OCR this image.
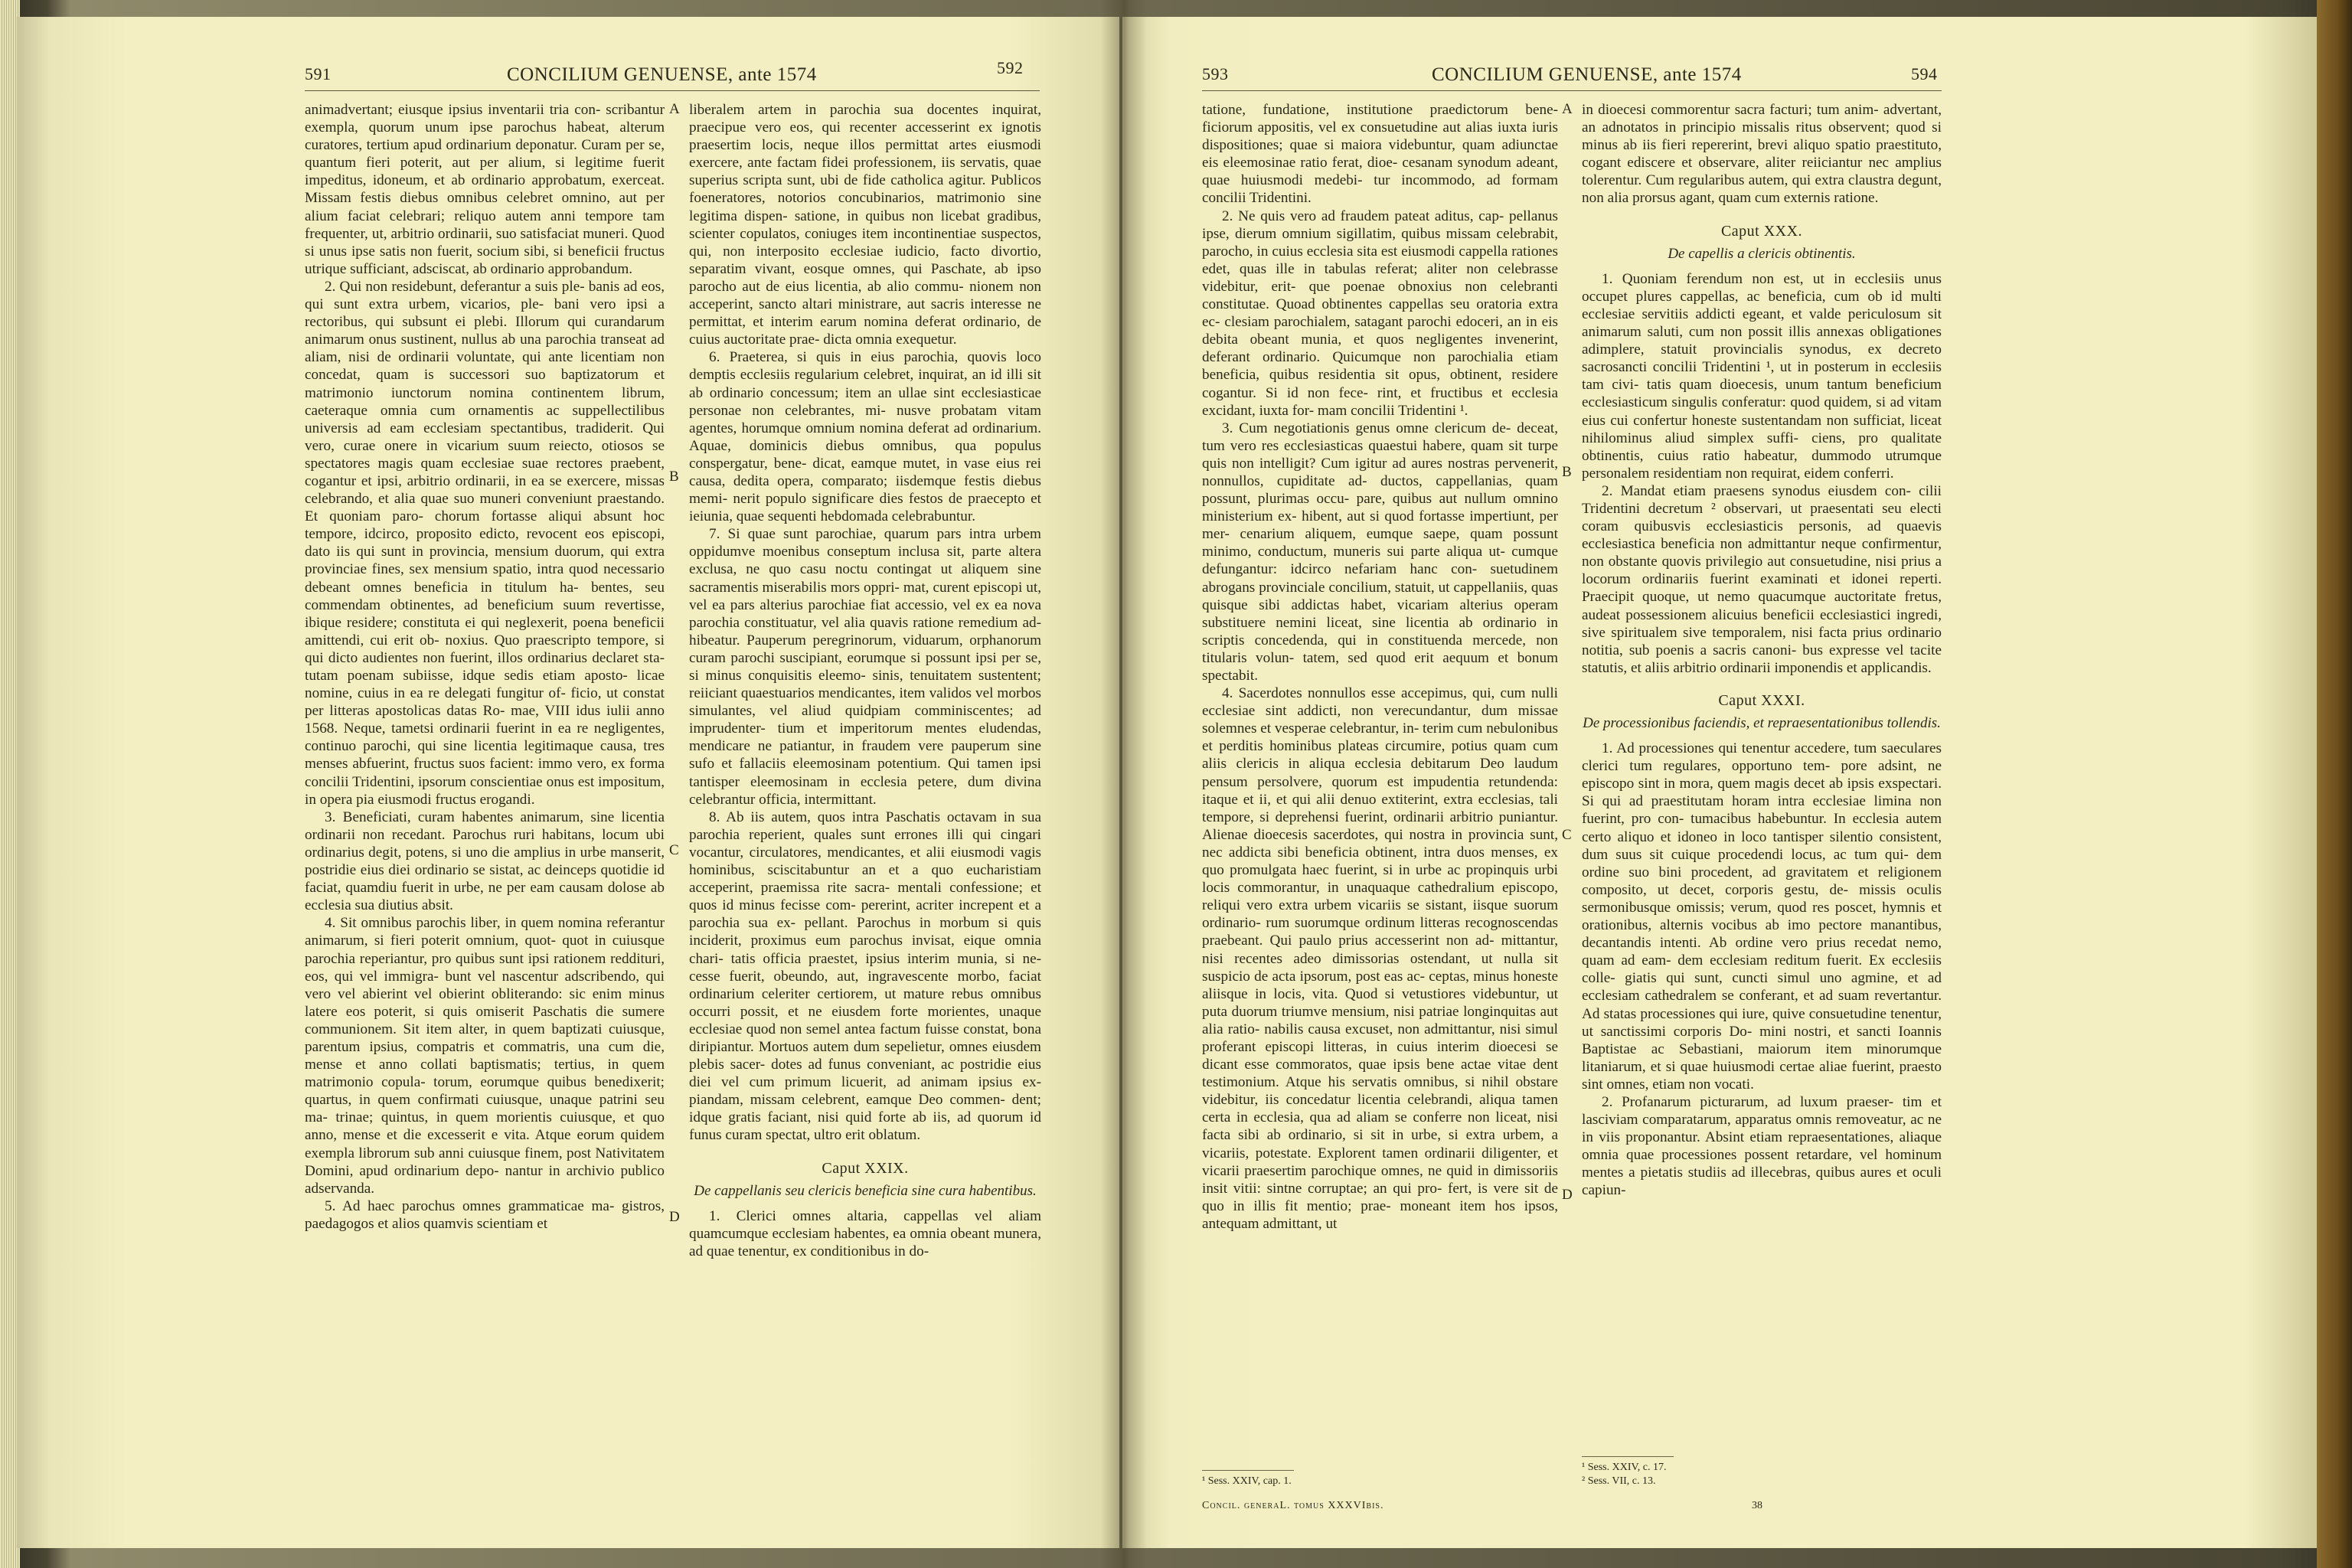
591	CONCILIUM GENUENSE, ante 1574	592

animadvertant; eiusque ipsius inventarii tria con- scribantur exempla, quorum unum ipse parochus habeat, alterum curatores, tertium apud ordinarium deponatur. Curam per se, quantum fieri poterit, aut per alium, si legitime fuerit impeditus, idoneum, et ab ordinario approbatum, exerceat. Missam festis diebus omnibus celebret omnino, aut per alium faciat celebrari; reliquo autem anni tempore tam frequenter, ut, arbitrio ordinarii, suo satisfaciat muneri. Quod si unus ipse satis non fuerit, socium sibi, si beneficii fructus utrique sufficiant, adsciscat, ab ordinario approbandum.

2. Qui non residebunt, deferantur a suis ple- banis ad eos, qui sunt extra urbem, vicarios, ple- bani vero ipsi a rectoribus, qui subsunt ei plebi. Illorum qui curandarum animarum onus sustinent, nullus ab una parochia transeat ad aliam, nisi de ordinarii voluntate, qui ante licentiam non concedat, quam is successori suo baptizatorum et matrimonio iunctorum nomina continentem librum, caeteraque omnia cum ornamentis ac suppellectilibus universis ad eam ecclesiam spectantibus, tradiderit. Qui vero, curae onere in vicarium suum reiecto, otiosos se spectatores magis quam ecclesiae suae rectores praebent, cogantur et ipsi, arbitrio ordinarii, in ea se exercere, missas celebrando, et alia quae suo muneri conveniunt praestando. Et quoniam paro- chorum fortasse aliqui absunt hoc tempore, idcirco, proposito edicto, revocent eos episcopi, dato iis qui sunt in provincia, mensium duorum, qui extra provinciae fines, sex mensium spatio, intra quod necessario debeant omnes beneficia in titulum ha- bentes, seu commendam obtinentes, ad beneficium suum revertisse, ibique residere; constituta ei qui neglexerit, poena beneficii amittendi, cui erit ob- noxius. Quo praescripto tempore, si qui dicto audientes non fuerint, illos ordinarius declaret sta- tutam poenam subiisse, idque sedis etiam aposto- licae nomine, cuius in ea re delegati fungitur of- ficio, ut constat per litteras apostolicas datas Ro- mae, VIII idus iulii anno 1568. Neque, tametsi ordinarii fuerint in ea re negligentes, continuo parochi, qui sine licentia legitimaque causa, tres menses abfuerint, fructus suos facient: immo vero, ex forma concilii Tridentini, ipsorum conscientiae onus est impositum, in opera pia eiusmodi fructus erogandi.

3. Beneficiati, curam habentes animarum, sine licentia ordinarii non recedant. Parochus ruri habitans, locum ubi ordinarius degit, potens, si uno die amplius in urbe manserit, postridie eius diei ordinario se sistat, ac deinceps quotidie id faciat, quamdiu fuerit in urbe, ne per eam causam dolose ab ecclesia sua diutius absit.

4. Sit omnibus parochis liber, in quem nomina referantur animarum, si fieri poterit omnium, quot- quot in cuiusque parochia reperiantur, pro quibus sunt ipsi rationem reddituri, eos, qui vel immigra- bunt vel nascentur adscribendo, qui vero vel abierint vel obierint obliterando: sic enim minus latere eos poterit, si quis omiserit Paschatis die sumere communionem. Sit item alter, in quem baptizati cuiusque, parentum ipsius, compatris et commatris, una cum die, mense et anno collati baptismatis; tertius, in quem matrimonio copula- torum, eorumque quibus benedixerit; quartus, in quem confirmati cuiusque, unaque patrini seu ma- trinae; quintus, in quem morientis cuiusque, et quo anno, mense et die excesserit e vita. Atque eorum quidem exempla librorum sub anni cuiusque finem, post Nativitatem Domini, apud ordinarium depo- nantur in archivio publico adservanda.

5. Ad haec parochus omnes grammaticae ma- gistros, paedagogos et alios quamvis scientiam et

A
B
C
D

liberalem artem in parochia sua docentes inquirat, praecipue vero eos, qui recenter accesserint ex ignotis praesertim locis, neque illos permittat artes eiusmodi exercere, ante factam fidei professionem, iis servatis, quae superius scripta sunt, ubi de fide catholica agitur. Publicos foeneratores, notorios concubinarios, matrimonio sine legitima dispen- satione, in quibus non licebat gradibus, scienter copulatos, coniuges item incontinentiae suspectos, qui, non interposito ecclesiae iudicio, facto divortio, separatim vivant, eosque omnes, qui Paschate, ab ipso parocho aut de eius licentia, ab alio commu- nionem non acceperint, sancto altari ministrare, aut sacris interesse ne permittat, et interim earum nomina deferat ordinario, de cuius auctoritate prae- dicta omnia exequetur.

6. Praeterea, si quis in eius parochia, quovis loco demptis ecclesiis regularium celebret, inquirat, an id illi sit ab ordinario concessum; item an ullae sint ecclesiasticae personae non celebrantes, mi- nusve probatam vitam agentes, horumque omnium nomina deferat ad ordinarium. Aquae, dominicis diebus omnibus, qua populus conspergatur, bene- dicat, eamque mutet, in vase eius rei causa, dedita opera, comparato; iisdemque festis diebus memi- nerit populo significare dies festos de praecepto et ieiunia, quae sequenti hebdomada celebrabuntur.

7. Si quae sunt parochiae, quarum pars intra urbem oppidumve moenibus conseptum inclusa sit, parte altera exclusa, ne quo casu noctu contingat ut aliquem sine sacramentis miserabilis mors oppri- mat, curent episcopi ut, vel ea pars alterius parochiae fiat accessio, vel ex ea nova parochia constituatur, vel alia quavis ratione remedium ad- hibeatur. Pauperum peregrinorum, viduarum, orphanorum curam parochi suscipiant, eorumque si possunt ipsi per se, si minus conquisitis eleemo- sinis, tenuitatem sustentent; reiiciant quaestuarios mendicantes, item validos vel morbos simulantes, vel aliud quidpiam comminiscentes; ad imprudenter- tium et imperitorum mentes eludendas, mendicare ne patiantur, in fraudem vere pauperum sine sufo et fallaciis eleemosinam potentium. Qui tamen ipsi tantisper eleemosinam in ecclesia petere, dum divina celebrantur officia, intermittant.

8. Ab iis autem, quos intra Paschatis octavam in sua parochia reperient, quales sunt errones illi qui cingari vocantur, circulatores, mendicantes, et alii eiusmodi vagis hominibus, sciscitabuntur an et a quo eucharistiam acceperint, praemissa rite sacra- mentali confessione; et quos id minus fecisse com- pererint, acriter increpent et a parochia sua ex- pellant. Parochus in morbum si quis inciderit, proximus eum parochus invisat, eique omnia chari- tatis officia praestet, ipsius interim munia, si ne- cesse fuerit, obeundo, aut, ingravescente morbo, faciat ordinarium celeriter certiorem, ut mature rebus omnibus occurri possit, et ne eiusdem forte morientes, unaque ecclesiae quod non semel antea factum fuisse constat, bona diripiantur. Mortuos autem dum sepelietur, omnes eiusdem plebis sacer- dotes ad funus conveniant, ac postridie eius diei vel cum primum licuerit, ad animam ipsius ex- piandam, missam celebrent, eamque Deo commen- dent; idque gratis faciant, nisi quid forte ab iis, ad quorum id funus curam spectat, ultro erit oblatum.

Caput XXIX.
De cappellanis seu clericis beneficia sine cura habentibus.

1. Clerici omnes altaria, cappellas vel aliam quamcumque ecclesiam habentes, ea omnia obeant munera, ad quae tenentur, ex conditionibus in do-

593	CONCILIUM GENUENSE, ante 1574	594

tatione, fundatione, institutione praedictorum bene- ficiorum appositis, vel ex consuetudine aut alias iuxta iuris dispositiones; quae si maiora videbuntur, quam adiunctae eis eleemosinae ratio ferat, dioe- cesanam synodum adeant, quae huiusmodi medebi- tur incommodo, ad formam concilii Tridentini.

2. Ne quis vero ad fraudem pateat aditus, cap- pellanus ipse, dierum omnium sigillatim, quibus missam celebrabit, parocho, in cuius ecclesia sita est eiusmodi cappella rationes edet, quas ille in tabulas referat; aliter non celebrasse videbitur, erit- que poenae obnoxius non celebranti constitutae. Quoad obtinentes cappellas seu oratoria extra ec- clesiam parochialem, satagant parochi edoceri, an in eis debita obeant munia, et quos negligentes invenerint, deferant ordinario. Quicumque non parochialia etiam beneficia, quibus residentia sit opus, obtinent, residere cogantur. Si id non fece- rint, et fructibus et ecclesia excidant, iuxta for- mam concilii Tridentini ¹.

3. Cum negotiationis genus omne clericum de- deceat, tum vero res ecclesiasticas quaestui habere, quam sit turpe quis non intelligit? Cum igitur ad aures nostras pervenerit, nonnullos, cupiditate ad- ductos, cappellanias, quam possunt, plurimas occu- pare, quibus aut nullum omnino ministerium ex- hibent, aut si quod fortasse impertiunt, per mer- cenarium aliquem, eumque saepe, quam possunt minimo, conductum, muneris sui parte aliqua ut- cumque defungantur: idcirco nefariam hanc con- suetudinem abrogans provinciale concilium, statuit, ut cappellaniis, quas quisque sibi addictas habet, vicariam alterius operam substituere nemini liceat, sine licentia ab ordinario in scriptis concedenda, qui in constituenda mercede, non titularis volun- tatem, sed quod erit aequum et bonum spectabit.

4. Sacerdotes nonnullos esse accepimus, qui, cum nulli ecclesiae sint addicti, non verecundantur, dum missae solemnes et vesperae celebrantur, in- terim cum nebulonibus et perditis hominibus plateas circumire, potius quam cum aliis clericis in aliqua ecclesia debitarum Deo laudum pensum persolvere, quorum est impudentia retundenda: itaque et ii, et qui alii denuo extiterint, extra ecclesias, tali tempore, si deprehensi fuerint, ordinarii arbitrio puniantur. Alienae dioecesis sacerdotes, qui nostra in provincia sunt, nec addicta sibi beneficia obtinent, intra duos menses, ex quo promulgata haec fuerint, si in urbe ac propinquis urbi locis commorantur, in unaquaque cathedralium episcopo, reliqui vero extra urbem vicariis se sistant, iisque suorum ordinario- rum suorumque ordinum litteras recognoscendas praebeant. Qui paulo prius accesserint non ad- mittantur, nisi recentes adeo dimissorias ostendant, ut nulla sit suspicio de acta ipsorum, post eas ac- ceptas, minus honeste aliisque in locis, vita. Quod si vetustiores videbuntur, ut puta duorum triumve mensium, nisi patriae longinquitas aut alia ratio- nabilis causa excuset, non admittantur, nisi simul proferant episcopi litteras, in cuius interim dioecesi se dicant esse commoratos, quae ipsis bene actae vitae dent testimonium. Atque his servatis omnibus, si nihil obstare videbitur, iis concedatur licentia celebrandi, aliqua tamen certa in ecclesia, qua ad aliam se conferre non liceat, nisi facta sibi ab ordinario, si sit in urbe, si extra urbem, a vicariis, potestate. Explorent tamen ordinarii diligenter, et vicarii praesertim parochique omnes, ne quid in dimissoriis insit vitii: sintne corruptae; an qui pro- fert, is vere sit de quo in illis fit mentio; prae- moneant item hos ipsos, antequam admittant, ut

A
B
C
D

in dioecesi commorentur sacra facturi; tum anim- advertant, an adnotatos in principio missalis ritus observent; quod si minus ab iis fieri repererint, brevi aliquo spatio praestituto, cogant ediscere et observare, aliter reiiciantur nec amplius tolerentur. Cum regularibus autem, qui extra claustra degunt, non alia prorsus agant, quam cum externis ratione.

Caput XXX.
De capellis a clericis obtinentis.

1. Quoniam ferendum non est, ut in ecclesiis unus occupet plures cappellas, ac beneficia, cum ob id multi ecclesiae servitiis addicti egeant, et valde periculosum sit animarum saluti, cum non possit illis annexas obligationes adimplere, statuit provincialis synodus, ex decreto sacrosancti concilii Tridentini ¹, ut in posterum in ecclesiis tam civi- tatis quam dioecesis, unum tantum beneficium ecclesiasticum singulis conferatur: quod quidem, si ad vitam eius cui confertur honeste sustentandam non sufficiat, liceat nihilominus aliud simplex suffi- ciens, pro qualitate obtinentis, cuius ratio habeatur, dummodo utrumque personalem residentiam non requirat, eidem conferri.

2. Mandat etiam praesens synodus eiusdem con- cilii Tridentini decretum ² observari, ut praesentati seu electi coram quibusvis ecclesiasticis personis, ad quaevis ecclesiastica beneficia non admittantur neque confirmentur, non obstante quovis privilegio aut consuetudine, nisi prius a locorum ordinariis fuerint examinati et idonei reperti. Praecipit quoque, ut nemo quacumque auctoritate fretus, audeat possessionem alicuius beneficii ecclesiastici ingredi, sive spiritualem sive temporalem, nisi facta prius ordinario notitia, sub poenis a sacris canoni- bus expresse vel tacite statutis, et aliis arbitrio ordinarii imponendis et applicandis.

Caput XXXI.
De processionibus faciendis, et repraesentationibus tollendis.

1. Ad processiones qui tenentur accedere, tum saeculares clerici tum regulares, opportuno tem- pore adsint, ne episcopo sint in mora, quem magis decet ab ipsis exspectari. Si qui ad praestitutam horam intra ecclesiae limina non fuerint, pro con- tumacibus habebuntur. In ecclesia autem certo aliquo et idoneo in loco tantisper silentio consistent, dum suus sit cuique procedendi locus, ac tum qui- dem ordine suo bini procedent, ad gravitatem et religionem composito, ut decet, corporis gestu, de- missis oculis sermonibusque omissis; verum, quod res poscet, hymnis et orationibus, alternis vocibus ab imo pectore manantibus, decantandis intenti. Ab ordine vero prius recedat nemo, quam ad eam- dem ecclesiam reditum fuerit. Ex ecclesiis colle- giatis qui sunt, cuncti simul uno agmine, et ad ecclesiam cathedralem se conferant, et ad suam revertantur. Ad statas processiones qui iure, quive consuetudine tenentur, ut sanctissimi corporis Do- mini nostri, et sancti Ioannis Baptistae ac Sebastiani, maiorum item minorumque litaniarum, et si quae huiusmodi certae aliae fuerint, praesto sint omnes, etiam non vocati.

2. Profanarum picturarum, ad luxum praeser- tim et lasciviam comparatarum, apparatus omnis removeatur, ac ne in viis proponantur. Absint etiam repraesentationes, aliaque omnia quae processiones possent retardare, vel hominum mentes a pietatis studiis ad illecebras, quibus aures et oculi capiun-

¹ Sess. XXIV, cap. 1.
Concil. generaL. tomus XXXVIbis.
¹ Sess. XXIV, c. 17.
² Sess. VII, c. 13.
38
